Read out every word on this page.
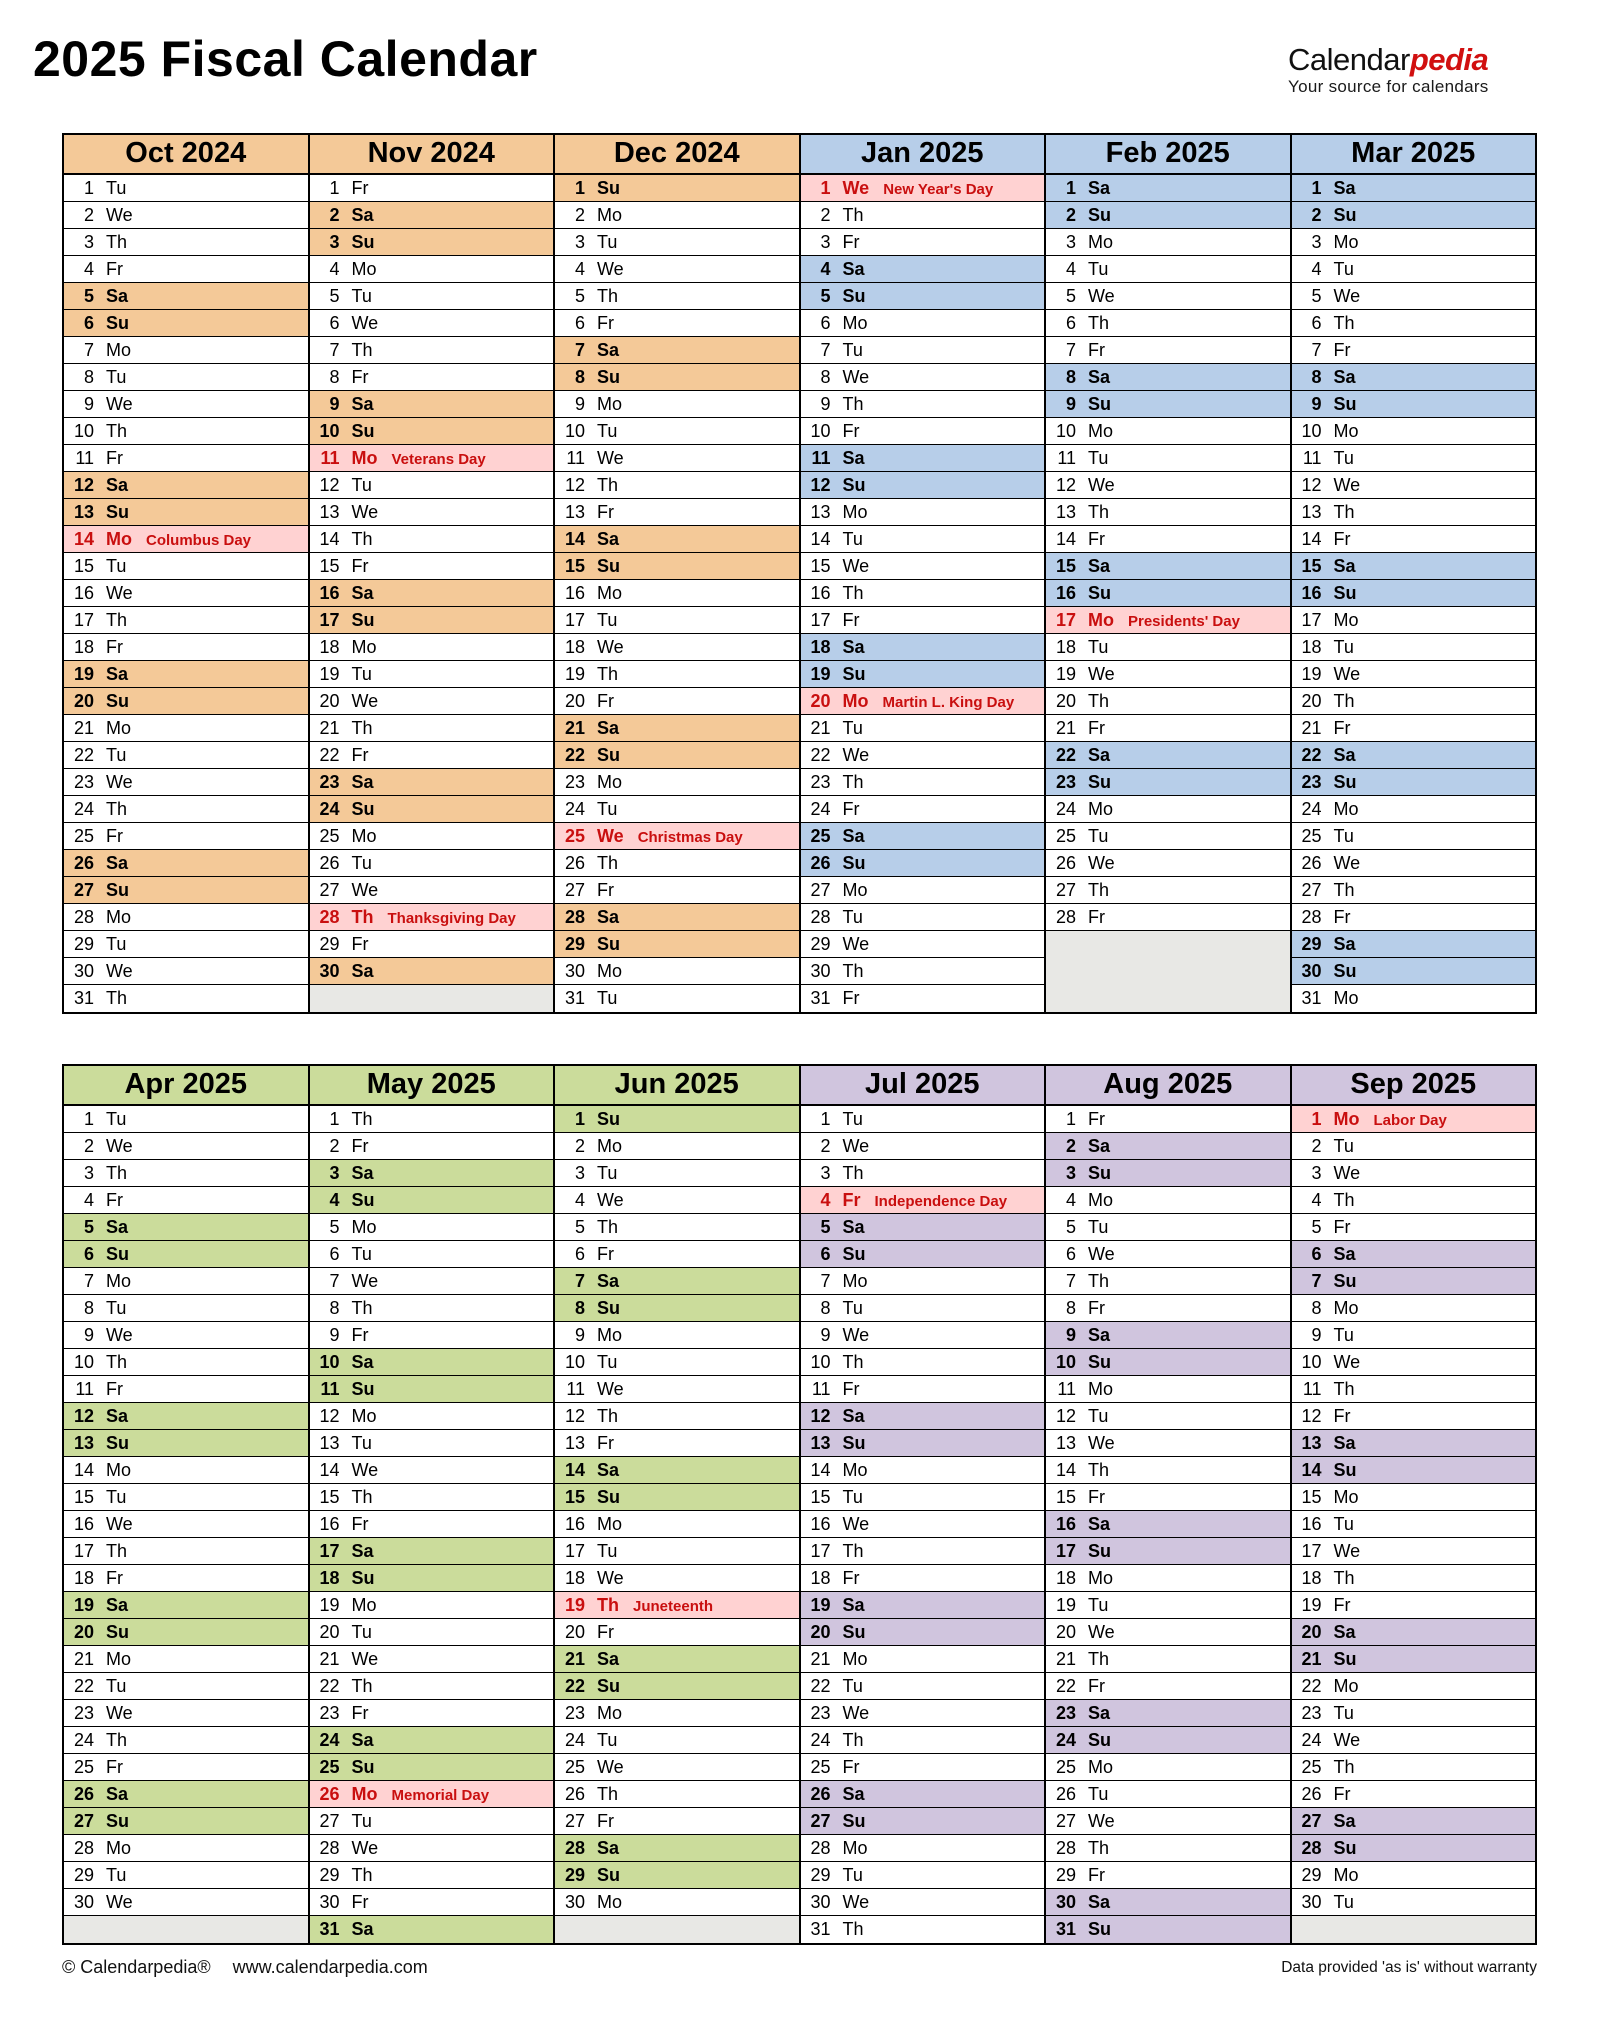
2025 Fiscal Calendar	Calendarpedia
Your source for calendars
Oct 2024
1 Tu
2 We
3 Th
4 Fr
5 Sa
6 Su
7 Mo
8 Tu
9 We
10 Th
11 Fr
12 Sa
13 Su
14 Mo Columbus Day
15 Tu
16 We
17 Th
18 Fr
19 Sa
20 Su
21 Mo
22 Tu
23 We
24 Th
25 Fr
26 Sa
27 Su
28 Mo
29 Tu
30 We
31 Th
Nov 2024
1 Fr
2 Sa
3 Su
4 Mo
5 Tu
6 We
7 Th
8 Fr
9 Sa
10 Su
11 Mo Veterans Day
12 Tu
13 We
14 Th
15 Fr
16 Sa
17 Su
18 Mo
19 Tu
20 We
21 Th
22 Fr
23 Sa
24 Su
25 Mo
26 Tu
27 We
28 Th Thanksgiving Day
29 Fr
30 Sa
Dec 2024
1 Su
2 Mo
3 Tu
4 We
5 Th
6 Fr
7 Sa
8 Su
9 Mo
10 Tu
11 We
12 Th
13 Fr
14 Sa
15 Su
16 Mo
17 Tu
18 We
19 Th
20 Fr
21 Sa
22 Su
23 Mo
24 Tu
25 We Christmas Day
26 Th
27 Fr
28 Sa
29 Su
30 Mo
31 Tu
Jan 2025
1 We New Year's Day
2 Th
3 Fr
4 Sa
5 Su
6 Mo
7 Tu
8 We
9 Th
10 Fr
11 Sa
12 Su
13 Mo
14 Tu
15 We
16 Th
17 Fr
18 Sa
19 Su
20 Mo Martin L. King Day
21 Tu
22 We
23 Th
24 Fr
25 Sa
26 Su
27 Mo
28 Tu
29 We
30 Th
31 Fr
Feb 2025
1 Sa
2 Su
3 Mo
4 Tu
5 We
6 Th
7 Fr
8 Sa
9 Su
10 Mo
11 Tu
12 We
13 Th
14 Fr
15 Sa
16 Su
17 Mo Presidents' Day
18 Tu
19 We
20 Th
21 Fr
22 Sa
23 Su
24 Mo
25 Tu
26 We
27 Th
28 Fr
Mar 2025
1 Sa
2 Su
3 Mo
4 Tu
5 We
6 Th
7 Fr
8 Sa
9 Su
10 Mo
11 Tu
12 We
13 Th
14 Fr
15 Sa
16 Su
17 Mo
18 Tu
19 We
20 Th
21 Fr
22 Sa
23 Su
24 Mo
25 Tu
26 We
27 Th
28 Fr
29 Sa
30 Su
31 Mo
Apr 2025
1 Tu
2 We
3 Th
4 Fr
5 Sa
6 Su
7 Mo
8 Tu
9 We
10 Th
11 Fr
12 Sa
13 Su
14 Mo
15 Tu
16 We
17 Th
18 Fr
19 Sa
20 Su
21 Mo
22 Tu
23 We
24 Th
25 Fr
26 Sa
27 Su
28 Mo
29 Tu
30 We
May 2025
1 Th
2 Fr
3 Sa
4 Su
5 Mo
6 Tu
7 We
8 Th
9 Fr
10 Sa
11 Su
12 Mo
13 Tu
14 We
15 Th
16 Fr
17 Sa
18 Su
19 Mo
20 Tu
21 We
22 Th
23 Fr
24 Sa
25 Su
26 Mo Memorial Day
27 Tu
28 We
29 Th
30 Fr
31 Sa
Jun 2025
1 Su
2 Mo
3 Tu
4 We
5 Th
6 Fr
7 Sa
8 Su
9 Mo
10 Tu
11 We
12 Th
13 Fr
14 Sa
15 Su
16 Mo
17 Tu
18 We
19 Th Juneteenth
20 Fr
21 Sa
22 Su
23 Mo
24 Tu
25 We
26 Th
27 Fr
28 Sa
29 Su
30 Mo
Jul 2025
1 Tu
2 We
3 Th
4 Fr Independence Day
5 Sa
6 Su
7 Mo
8 Tu
9 We
10 Th
11 Fr
12 Sa
13 Su
14 Mo
15 Tu
16 We
17 Th
18 Fr
19 Sa
20 Su
21 Mo
22 Tu
23 We
24 Th
25 Fr
26 Sa
27 Su
28 Mo
29 Tu
30 We
31 Th
Aug 2025
1 Fr
2 Sa
3 Su
4 Mo
5 Tu
6 We
7 Th
8 Fr
9 Sa
10 Su
11 Mo
12 Tu
13 We
14 Th
15 Fr
16 Sa
17 Su
18 Mo
19 Tu
20 We
21 Th
22 Fr
23 Sa
24 Su
25 Mo
26 Tu
27 We
28 Th
29 Fr
30 Sa
31 Su
Sep 2025
1 Mo Labor Day
2 Tu
3 We
4 Th
5 Fr
6 Sa
7 Su
8 Mo
9 Tu
10 We
11 Th
12 Fr
13 Sa
14 Su
15 Mo
16 Tu
17 We
18 Th
19 Fr
20 Sa
21 Su
22 Mo
23 Tu
24 We
25 Th
26 Fr
27 Sa
28 Su
29 Mo
30 Tu
© Calendarpedia® www.calendarpedia.com	Data provided 'as is' without warranty
